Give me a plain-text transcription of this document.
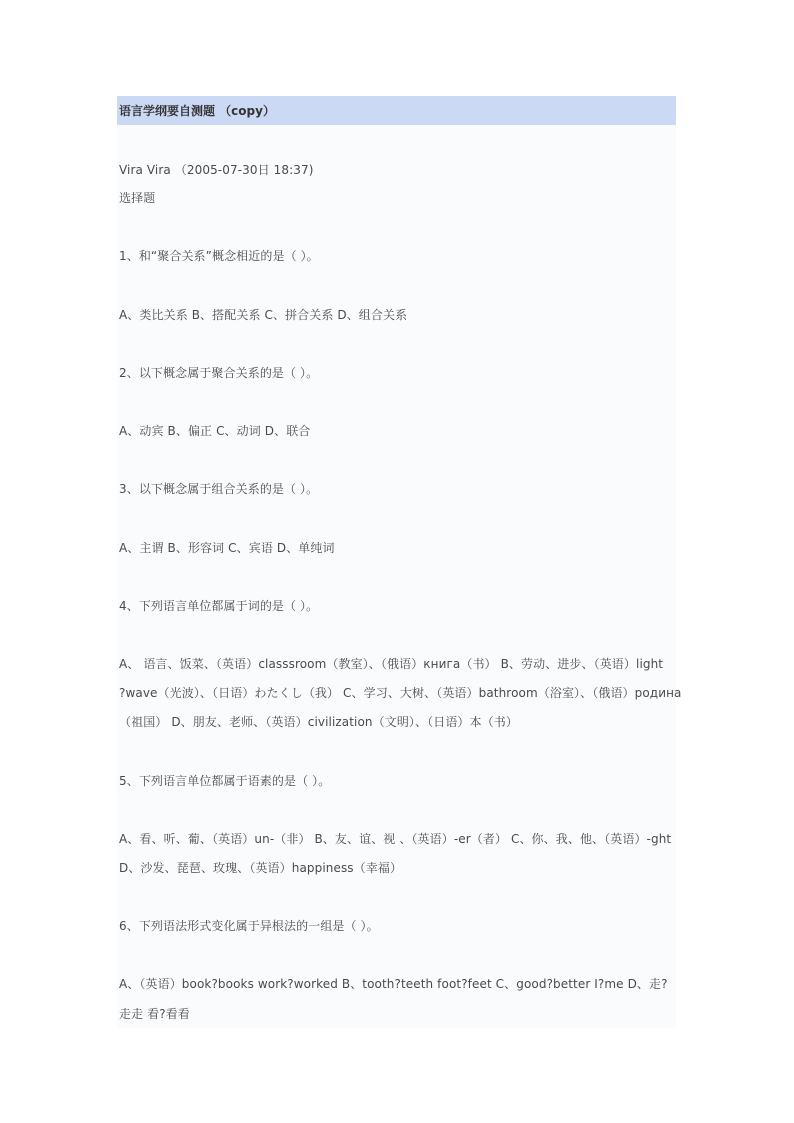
语言学纲要自测题 （copy）
Vira Vira （2005-07-30日 18:37)
选择题
1、和“聚合关系”概念相近的是（ ）。
A、类比关系 B、搭配关系 C、拼合关系 D、组合关系
2、以下概念属于聚合关系的是（ ）。
A、动宾 B、偏正 C、动词 D、联合
3、以下概念属于组合关系的是（ ）。
A、主谓 B、形容词 C、宾语 D、单纯词
4、下列语言单位都属于词的是（ ）。
A、 语言、饭菜、（英语）classsroom（教室）、（俄语）книга（书） B、劳动、进步、（英语）light
?wave（光波）、（日语）わたくし（我） C、学习、大树、（英语）bathroom（浴室）、（俄语）родина
（祖国） D、朋友、老师、（英语）civilization（文明）、（日语）本（书）
5、下列语言单位都属于语素的是（ ）。
A、看、听、葡、（英语）un-（非） B、友、谊、视 、（英语）-er（者） C、你、我、他、（英语）-ght
D、沙发、琵琶、玫瑰、（英语）happiness（幸福）
6、下列语法形式变化属于异根法的一组是（ ）。
A、（英语）book?books work?worked B、tooth?teeth foot?feet C、good?better I?me D、走?
走走 看?看看
